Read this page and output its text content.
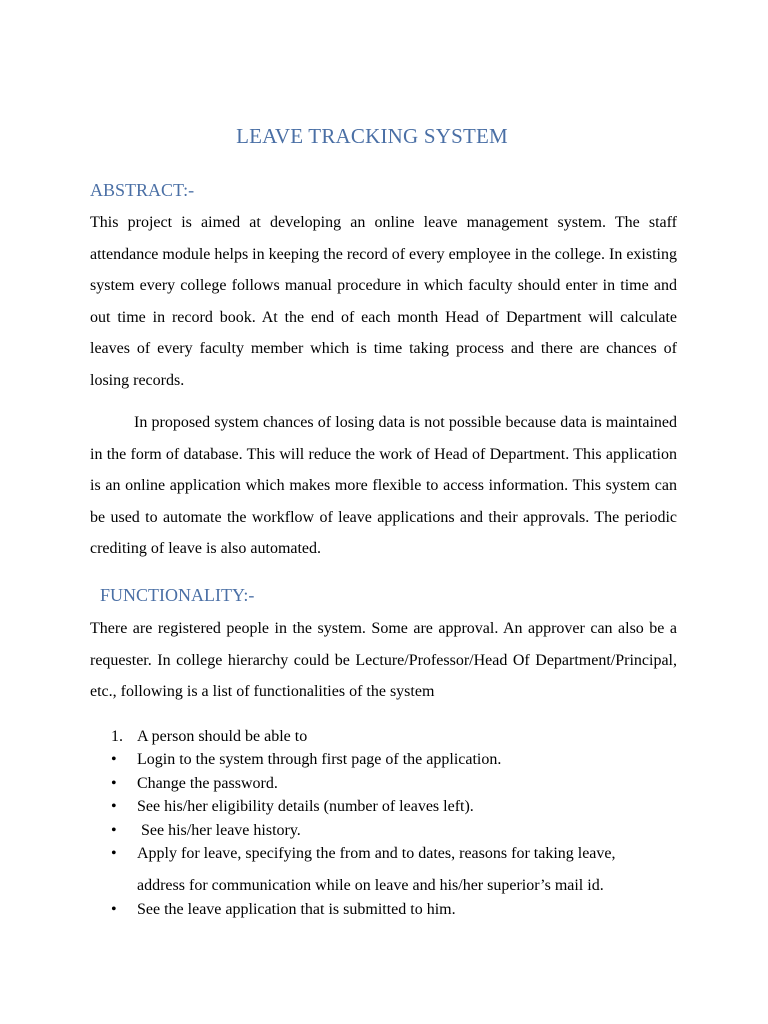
LEAVE TRACKING SYSTEM
ABSTRACT:-

This project is aimed at developing an online leave management system. The staff attendance module helps in keeping the record of every employee in the college. In existing system every college follows manual procedure in which faculty should enter in time and out time in record book. At the end of each month Head of Department will calculate leaves of every faculty member which is time taking process and there are chances of losing records.

In proposed system chances of losing data is not possible because data is maintained in the form of database. This will reduce the work of Head of Department. This application is an online application which makes more flexible to access information. This system can be used to automate the workflow of leave applications and their approvals. The periodic crediting of leave is also automated.

FUNCTIONALITY:-

There are registered people in the system. Some are approval. An approver can also be a requester. In college hierarchy could be Lecture/Professor/Head Of Department/Principal, etc., following is a list of functionalities of the system

1. A person should be able to
• Login to the system through first page of the application.
• Change the password.
• See his/her eligibility details (number of leaves left).
• See his/her leave history.
• Apply for leave, specifying the from and to dates, reasons for taking leave,
address for communication while on leave and his/her superior’s mail id.
• See the leave application that is submitted to him.
